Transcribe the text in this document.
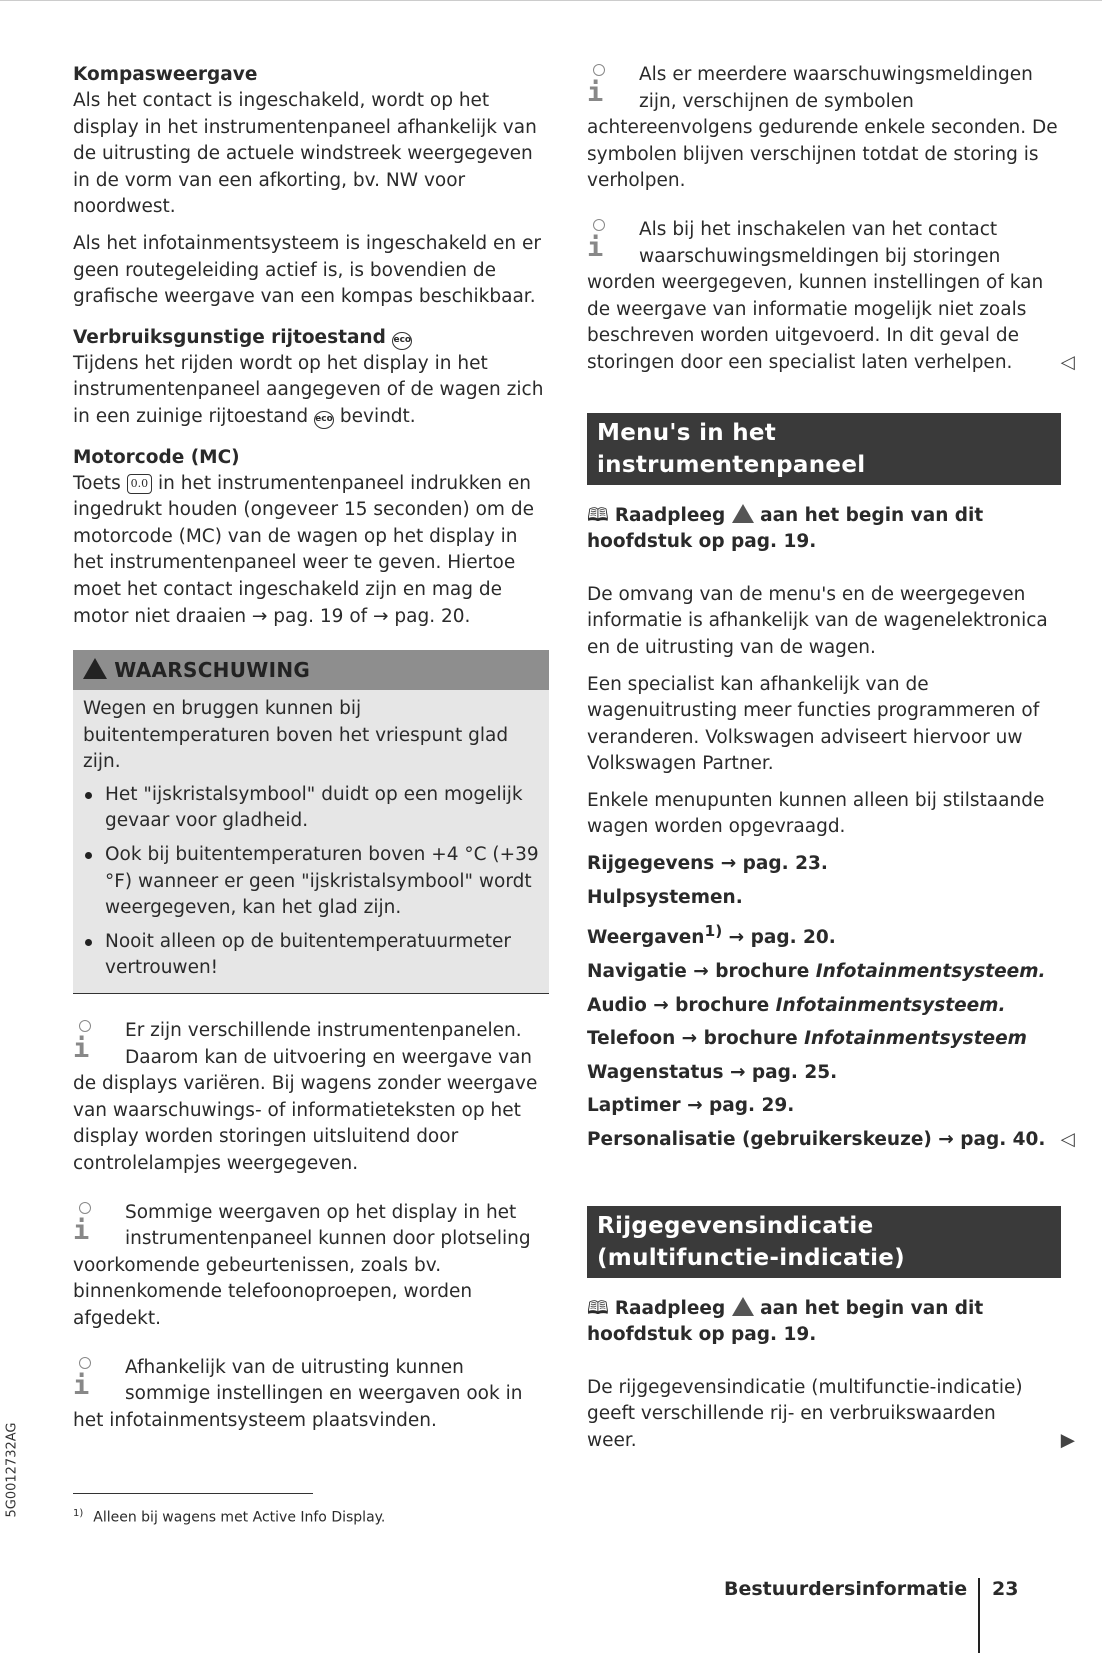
Kompasweergave

Als het contact is ingeschakeld, wordt op het display in het instrumentenpaneel afhankelijk van de uitrusting de actuele windstreek weergegeven in de vorm van een afkorting, bv. NW voor noordwest.

Als het infotainmentsysteem is ingeschakeld en er geen routegeleiding actief is, is bovendien de grafische weergave van een kompas beschikbaar.

Verbruiksgunstige rijtoestand eco

Tijdens het rijden wordt op het display in het instrumentenpaneel aangegeven of de wagen zich in een zuinige rijtoestand eco bevindt.

Motorcode (MC)

Toets 0.0 in het instrumentenpaneel indrukken en ingedrukt houden (ongeveer 15 seconden) om de motorcode (MC) van de wagen op het display in het instrumentenpaneel weer te geven. Hiertoe moet het contact ingeschakeld zijn en mag de motor niet draaien → pag. 19 of → pag. 20.

WAARSCHUWING
Wegen en bruggen kunnen bij buitentemperaturen boven het vriespunt glad zijn.
Het "ijskristalsymbool" duidt op een mogelijk gevaar voor gladheid.
Ook bij buitentemperaturen boven +4 °C (+39 °F) wanneer er geen "ijskristalsymbool" wordt weergegeven, kan het glad zijn.
Nooit alleen op de buitentemperatuurmeter vertrouwen!
i
Er zijn verschillende instrumentenpanelen. Daarom kan de uitvoering en weergave van de displays variëren. Bij wagens zonder weergave van waarschuwings- of informatieteksten op het display worden storingen uitsluitend door controlelampjes weergegeven.
i
Sommige weergaven op het display in het instrumentenpaneel kunnen door plotseling voorkomende gebeurtenissen, zoals bv. binnenkomende telefoonoproepen, worden afgedekt.
i
Afhankelijk van de uitrusting kunnen sommige instellingen en weergaven ook in het infotainmentsysteem plaatsvinden.
i
Als er meerdere waarschuwingsmeldingen zijn, verschijnen de symbolen achtereenvolgens gedurende enkele seconden. De symbolen blijven verschijnen totdat de storing is verholpen.
i
Als bij het inschakelen van het contact waarschuwingsmeldingen bij storingen worden weergegeven, kunnen instellingen of kan de weergave van informatie mogelijk niet zoals beschreven worden uitgevoerd. In dit geval de storingen door een specialist laten verhelpen.	◁
Menu's in het instrumentenpaneel
🕮 Raadpleeg  aan het begin van dit hoofdstuk op pag. 19.

De omvang van de menu's en de weergegeven informatie is afhankelijk van de wagenelektronica en de uitrusting van de wagen.

Een specialist kan afhankelijk van de wagenuitrusting meer functies programmeren of veranderen. Volkswagen adviseert hiervoor uw Volkswagen Partner.

Enkele menupunten kunnen alleen bij stilstaande wagen worden opgevraagd.

Rijgegevens → pag. 23.
Hulpsystemen.
Weergaven$^{1)}$ → pag. 20.
Navigatie → brochure Infotainmentsysteem.
Audio → brochure Infotainmentsysteem.
Telefoon → brochure Infotainmentsysteem
Wagenstatus → pag. 25.
Laptimer → pag. 29.
Personalisatie (gebruikerskeuze) → pag. 40. ◁
Rijgegevensindicatie (multifunctie-indicatie)
🕮 Raadpleeg  aan het begin van dit hoofdstuk op pag. 19.

De rijgegevensindicatie (multifunctie-indicatie) geeft verschillende rij- en verbruikswaarden weer.	▶

5G0012732AG	$^{1)}$ Alleen bij wagens met Active Info Display.
Bestuurdersinformatie 23
